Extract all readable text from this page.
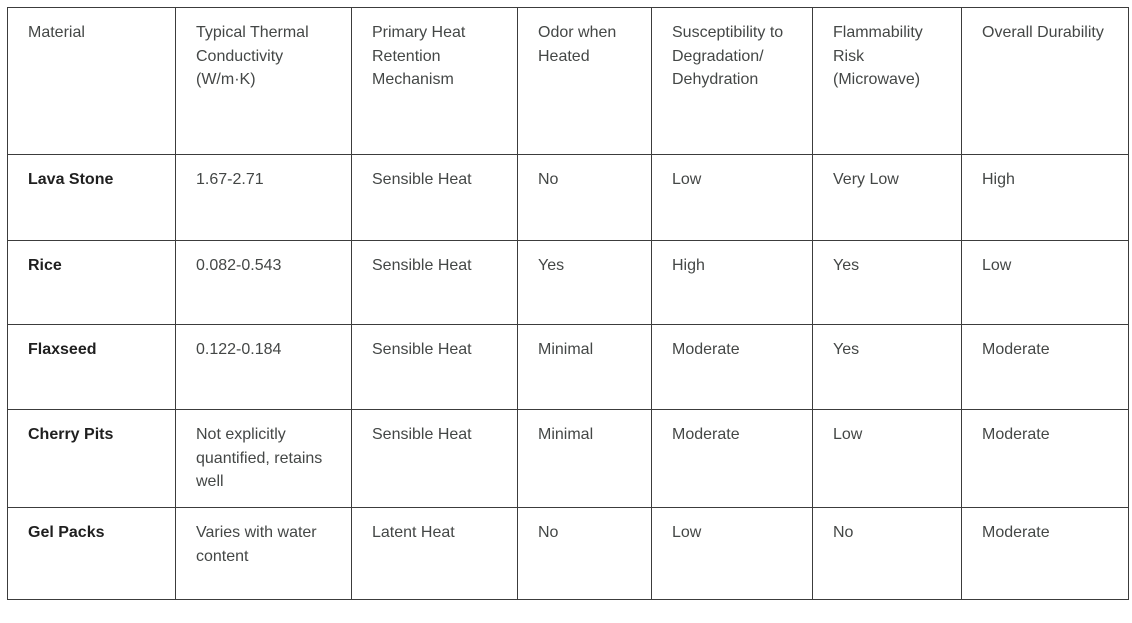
Material	Typical Thermal Conductivity (W/m·K)	Primary Heat Retention Mechanism	Odor when Heated	Susceptibility to Degradation/ Dehydration	Flammability Risk (Microwave)	Overall Durability
Lava Stone	1.67-2.71	Sensible Heat	No	Low	Very Low	High
Rice	0.082-0.543	Sensible Heat	Yes	High	Yes	Low
Flaxseed	0.122-0.184	Sensible Heat	Minimal	Moderate	Yes	Moderate
Cherry Pits	Not explicitly quantified, retains well	Sensible Heat	Minimal	Moderate	Low	Moderate
Gel Packs	Varies with water content	Latent Heat	No	Low	No	Moderate
